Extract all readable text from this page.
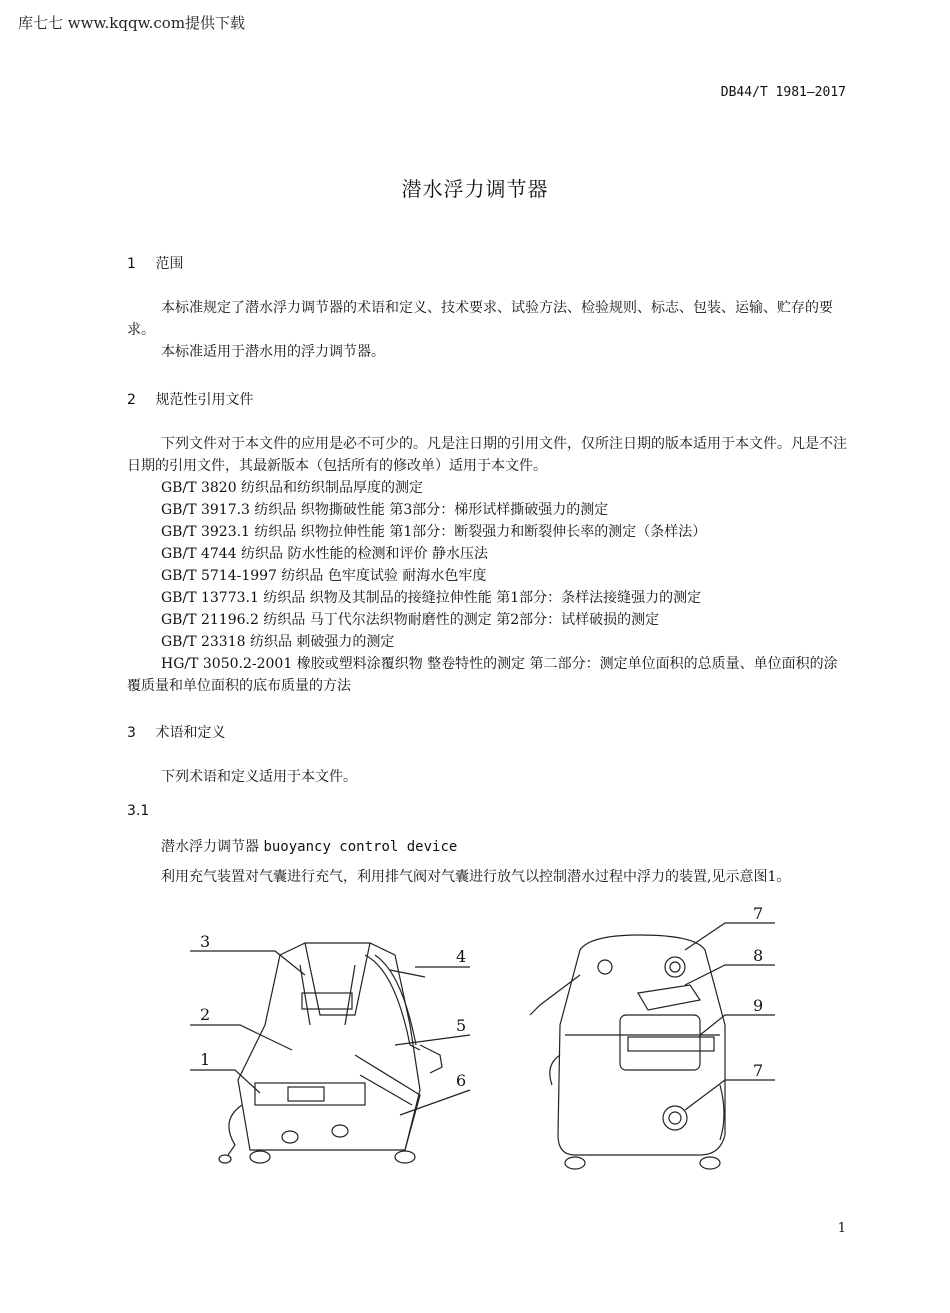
库七七 www.kqqw.com提供下载
DB44/T 1981—2017
潜水浮力调节器
1 范围

本标准规定了潜水浮力调节器的术语和定义、技术要求、试验方法、检验规则、标志、包装、运输、贮存的要求。

本标准适用于潜水用的浮力调节器。

2 规范性引用文件

下列文件对于本文件的应用是必不可少的。凡是注日期的引用文件，仅所注日期的版本适用于本文件。凡是不注日期的引用文件，其最新版本（包括所有的修改单）适用于本文件。

GB/T 3820 纺织品和纺织制品厚度的测定
GB/T 3917.3 纺织品 织物撕破性能 第3部分：梯形试样撕破强力的测定
GB/T 3923.1 纺织品 织物拉伸性能 第1部分：断裂强力和断裂伸长率的测定（条样法）
GB/T 4744 纺织品 防水性能的检测和评价 静水压法
GB/T 5714-1997 纺织品 色牢度试验 耐海水色牢度
GB/T 13773.1 纺织品 织物及其制品的接缝拉伸性能 第1部分：条样法接缝强力的测定
GB/T 21196.2 纺织品 马丁代尔法织物耐磨性的测定 第2部分：试样破损的测定
GB/T 23318 纺织品 刺破强力的测定
HG/T 3050.2-2001 橡胶或塑料涂覆织物 整卷特性的测定 第二部分：测定单位面积的总质量、单位面积的涂覆质量和单位面积的底布质量的方法
3 术语和定义

下列术语和定义适用于本文件。

3.1
潜水浮力调节器 buoyancy control device

利用充气装置对气囊进行充气，利用排气阀对气囊进行放气以控制潜水过程中浮力的装置,见示意图1。

3
4
2
5
1
6
7
8
9
7
1
